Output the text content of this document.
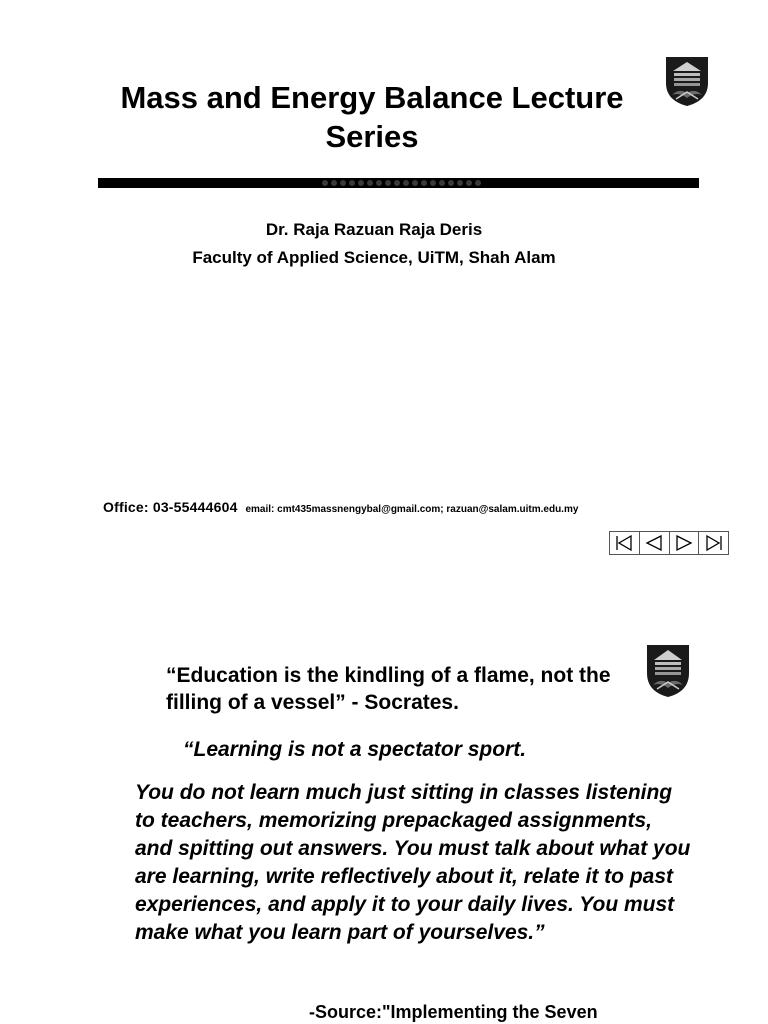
Mass and Energy Balance Lecture Series
Dr. Raja Razuan Raja Deris
Faculty of Applied Science, UiTM, Shah Alam
Office: 03-55444604 email: cmt435massnengybal@gmail.com; razuan@salam.uitm.edu.my
“Education is the kindling of a flame, not the filling of a vessel” - Socrates.
“Learning is not a spectator sport.
You do not learn much just sitting in classes listening to teachers, memorizing prepackaged assignments, and spitting out answers. You must talk about what you are learning, write reflectively about it, relate it to past experiences, and apply it to your daily lives. You must make what you learn part of yourselves.”
-Source:"Implementing the Seven
